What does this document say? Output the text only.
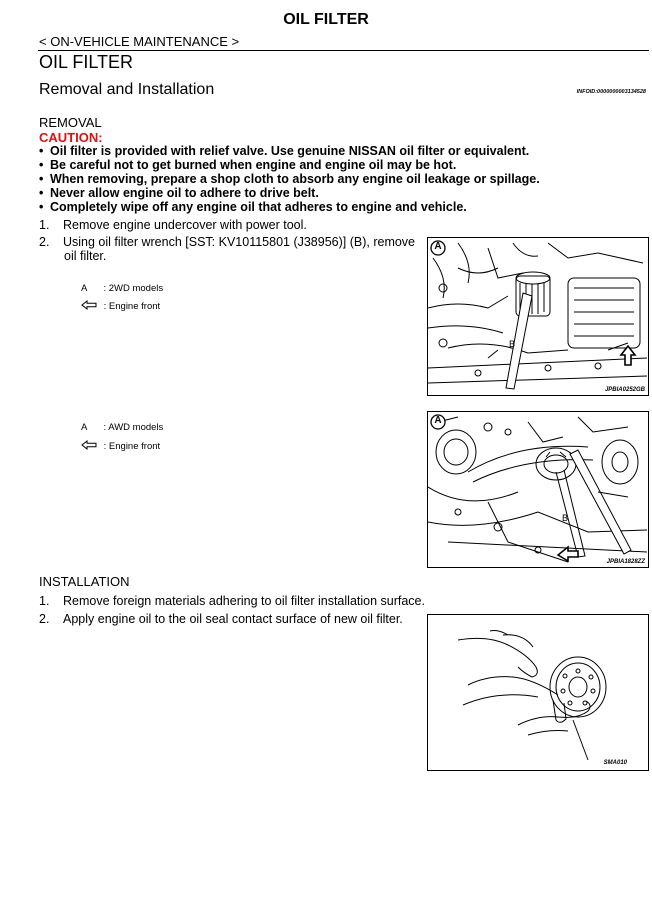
OIL FILTER
< ON-VEHICLE MAINTENANCE >
OIL FILTER
Removal and Installation	INFOID:0000000003134528
REMOVAL
CAUTION:
• Oil filter is provided with relief valve. Use genuine NISSAN oil filter or equivalent.
• Be careful not to get burned when engine and engine oil may be hot.
• When removing, prepare a shop cloth to absorb any engine oil leakage or spillage.
• Never allow engine oil to adhere to drive belt.
• Completely wipe off any engine oil that adheres to engine and vehicle.
1. Remove engine undercover with power tool.
2. Using oil filter wrench [SST: KV10115801 (J38956)] (B), remove
oil filter.
A : 2WD models
: Engine front
A
B
JPBIA0252GB
A : AWD models
: Engine front
A
B
JPBIA1828ZZ
INSTALLATION
1. Remove foreign materials adhering to oil filter installation surface.
2. Apply engine oil to the oil seal contact surface of new oil filter.
SMA010
